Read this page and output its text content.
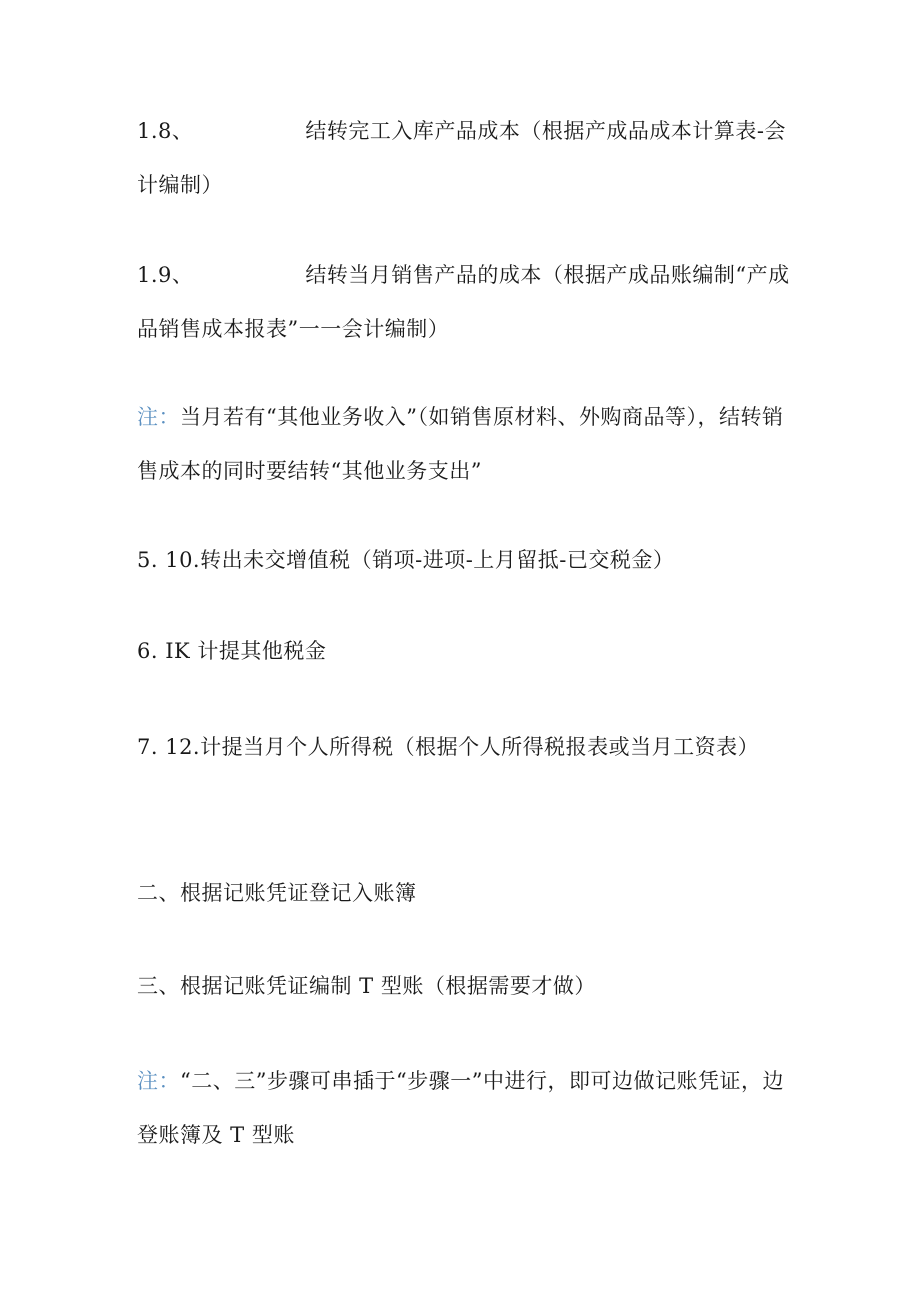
1.8、	结转完工入库产品成本（根据产成品成本计算表-会计编制）
1.9、	结转当月销售产品的成本（根据产成品账编制“产成品销售成本报表”一一会计编制）
注：当月若有“其他业务收入”（如销售原材料、外购商品等），结转销售成本的同时要结转“其他业务支出”
5. 10.转出未交增值税（销项-进项-上月留抵-已交税金）
6. IK 计提其他税金
7. 12.计提当月个人所得税（根据个人所得税报表或当月工资表）
二、根据记账凭证登记入账簿
三、根据记账凭证编制 T 型账（根据需要才做）
注：“二、三”步骤可串插于“步骤一”中进行，即可边做记账凭证，边登账簿及 T 型账
